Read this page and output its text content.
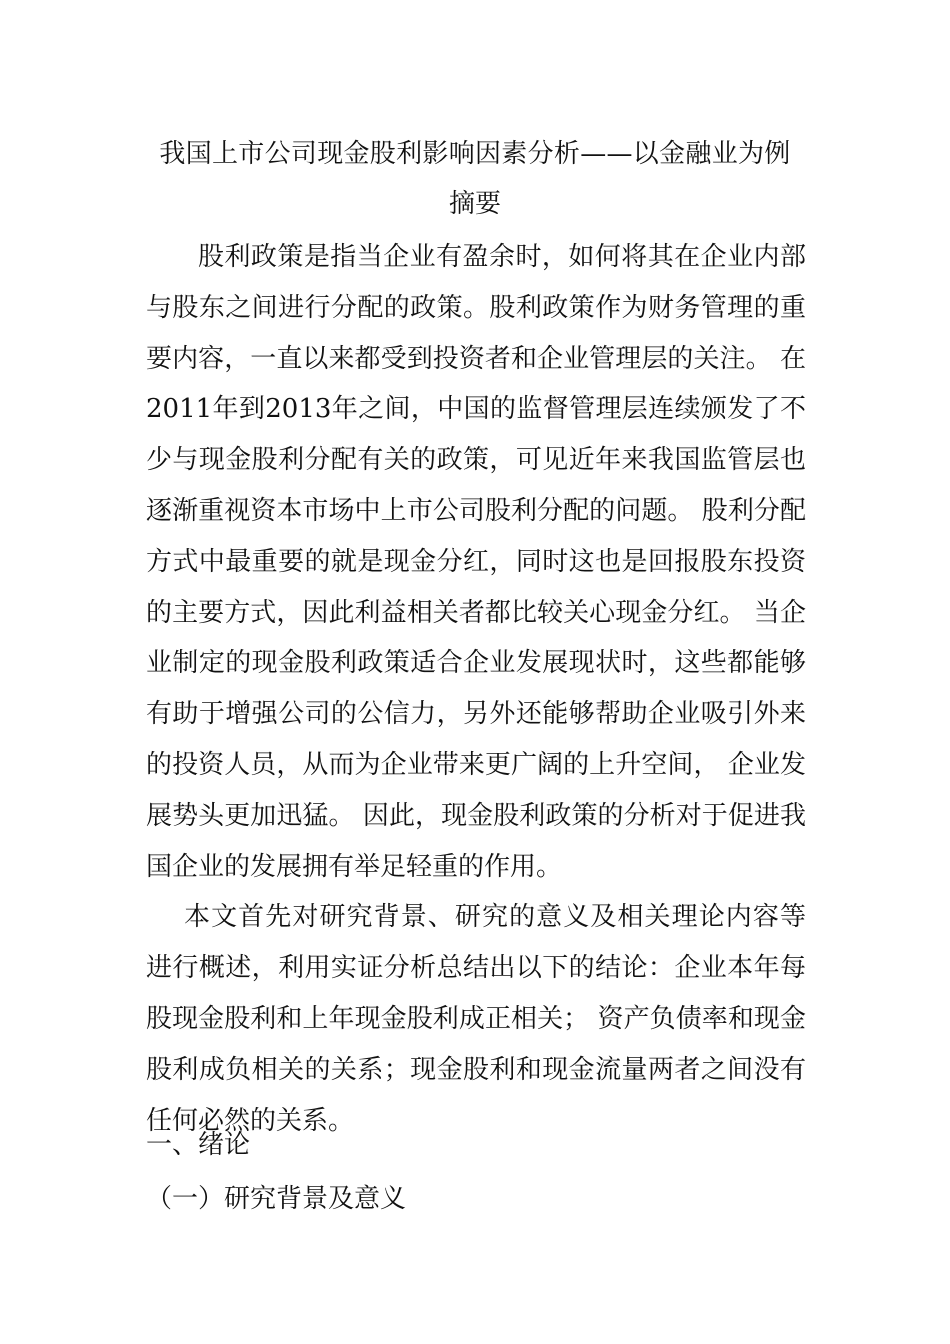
我国上市公司现金股利影响因素分析——以金融业为例
摘要

股利政策是指当企业有盈余时，如何将其在企业内部与股东之间进行分配的政策。股利政策作为财务管理的重要内容，一直以来都受到投资者和企业管理层的关注。 在2011年到2013年之间，中国的监督管理层连续颁发了不少与现金股利分配有关的政策，可见近年来我国监管层也逐渐重视资本市场中上市公司股利分配的问题。 股利分配方式中最重要的就是现金分红，同时这也是回报股东投资的主要方式，因此利益相关者都比较关心现金分红。 当企业制定的现金股利政策适合企业发展现状时，这些都能够有助于增强公司的公信力，另外还能够帮助企业吸引外来的投资人员，从而为企业带来更广阔的上升空间， 企业发展势头更加迅猛。 因此，现金股利政策的分析对于促进我国企业的发展拥有举足轻重的作用。

本文首先对研究背景、研究的意义及相关理论内容等进行概述，利用实证分析总结出以下的结论：企业本年每股现金股利和上年现金股利成正相关； 资产负债率和现金股利成负相关的关系；现金股利和现金流量两者之间没有任何必然的关系。

一、绪论
（一）研究背景及意义
